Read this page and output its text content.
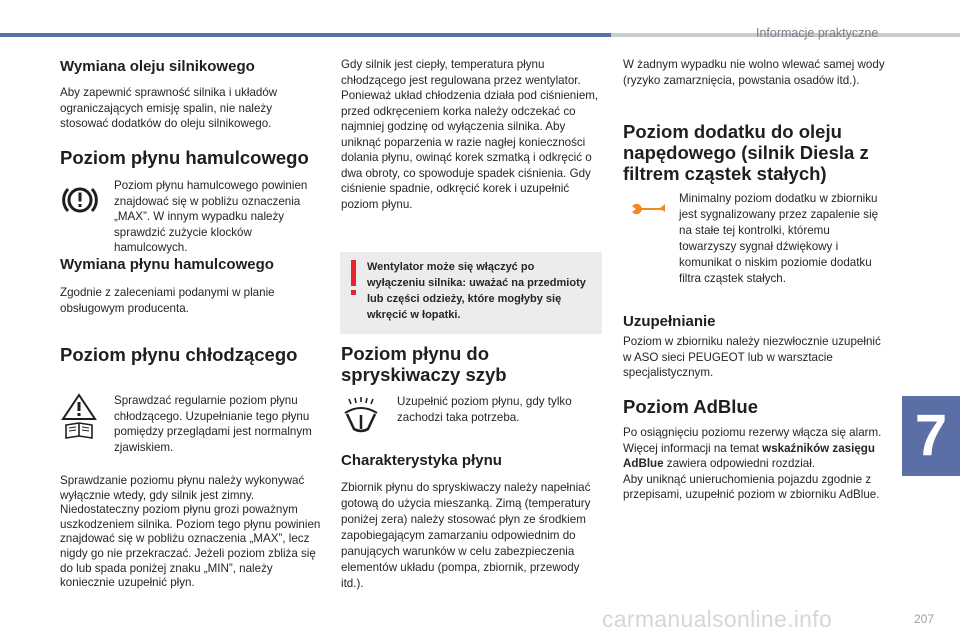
Informacje praktyczne

Wymiana oleju silnikowego

Aby zapewnić sprawność silnika i układów ograniczających emisję spalin, nie należy stosować dodatków do oleju silnikowego.

Poziom płynu hamulcowego

Poziom płynu hamulcowego powinien znajdować się w pobliżu oznaczenia „MAX”. W innym wypadku należy sprawdzić zużycie klocków hamulcowych.

Wymiana płynu hamulcowego

Zgodnie z zaleceniami podanymi w planie obsługowym producenta.

Poziom płynu chłodzącego

Sprawdzać regularnie poziom płynu chłodzącego. Uzupełnianie tego płynu pomiędzy przeglądami jest normalnym zjawiskiem.

Sprawdzanie poziomu płynu należy wykonywać wyłącznie wtedy, gdy silnik jest zimny. Niedostateczny poziom płynu grozi poważnym uszkodzeniem silnika. Poziom tego płynu powinien znajdować się w pobliżu oznaczenia „MAX”, lecz nigdy go nie przekraczać. Jeżeli poziom zbliża się do lub spada poniżej znaku „MIN”, należy koniecznie uzupełnić płyn.

Gdy silnik jest ciepły, temperatura płynu chłodzącego jest regulowana przez wentylator. Ponieważ układ chłodzenia działa pod ciśnieniem, przed odkręceniem korka należy odczekać co najmniej godzinę od wyłączenia silnika. Aby uniknąć poparzenia w razie nagłej konieczności dolania płynu, owinąć korek szmatką i odkręcić o dwa obroty, co spowoduje spadek ciśnienia. Gdy ciśnienie spadnie, odkręcić korek i uzupełnić poziom płynu.

Wentylator może się włączyć po wyłączeniu silnika: uważać na przedmioty lub części odzieży, które mogłyby się wkręcić w łopatki.

Poziom płynu do spryskiwaczy szyb

Uzupełnić poziom płynu, gdy tylko zachodzi taka potrzeba.

Charakterystyka płynu

Zbiornik płynu do spryskiwaczy należy napełniać gotową do użycia mieszanką. Zimą (temperatury poniżej zera) należy stosować płyn ze środkiem zapobiegającym zamarzaniu odpowiednim do panujących warunków w celu zabezpieczenia elementów układu (pompa, zbiornik, przewody itd.).

W żadnym wypadku nie wolno wlewać samej wody (ryzyko zamarznięcia, powstania osadów itd.).

Poziom dodatku do oleju napędowego (silnik Diesla z filtrem cząstek stałych)

Minimalny poziom dodatku w zbiorniku jest sygnalizowany przez zapalenie się na stałe tej kontrolki, któremu towarzyszy sygnał dźwiękowy i komunikat o niskim poziomie dodatku filtra cząstek stałych.

Uzupełnianie

Poziom w zbiorniku należy niezwłocznie uzupełnić w ASO sieci PEUGEOT lub w warsztacie specjalistycznym.

Poziom AdBlue

Po osiągnięciu poziomu rezerwy włącza się alarm.
Więcej informacji na temat wskaźników zasięgu AdBlue zawiera odpowiedni rozdział.
Aby uniknąć unieruchomienia pojazdu zgodnie z przepisami, uzupełnić poziom w zbiorniku AdBlue.

7
carmanualsonline.info	207
